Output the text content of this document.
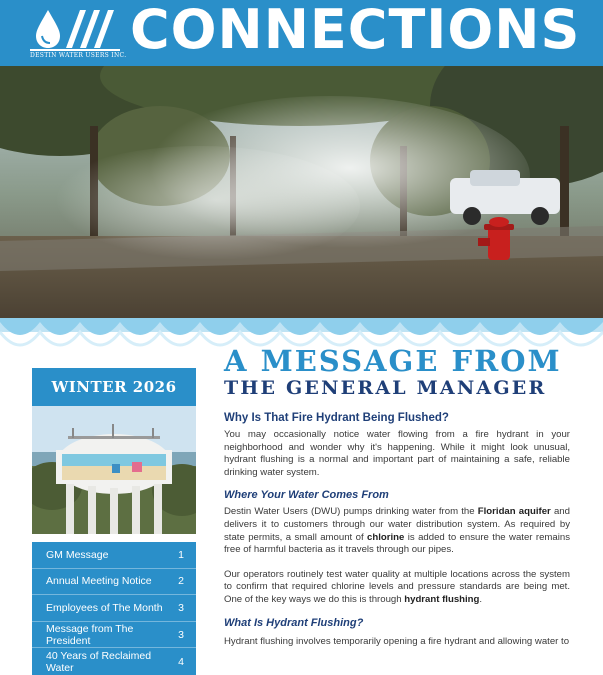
DESTIN WATER USERS INC. CONNECTIONS
WINTER 2026
GM Message	1
Annual Meeting Notice	2
Employees of The Month 3
Message from The President	3
40 Years of Reclaimed Water	4
A MESSAGE FROM
THE GENERAL MANAGER
Why Is That Fire Hydrant Being Flushed?

You may occasionally notice water flowing from a fire hydrant in your neighborhood and wonder why it's happening. While it might look unusual, hydrant flushing is a normal and important part of maintaining a safe, reliable drinking water system.

Where Your Water Comes From

Destin Water Users (DWU) pumps drinking water from the Floridan aquifer and delivers it to customers through our water distribution system. As required by state permits, a small amount of chlorine is added to ensure the water remains free of harmful bacteria as it travels through our pipes.

Our operators routinely test water quality at multiple locations across the system to confirm that required chlorine levels and pressure standards are being met. One of the key ways we do this is through hydrant flushing.

What Is Hydrant Flushing?

Hydrant flushing involves temporarily opening a fire hydrant and allowing water to
